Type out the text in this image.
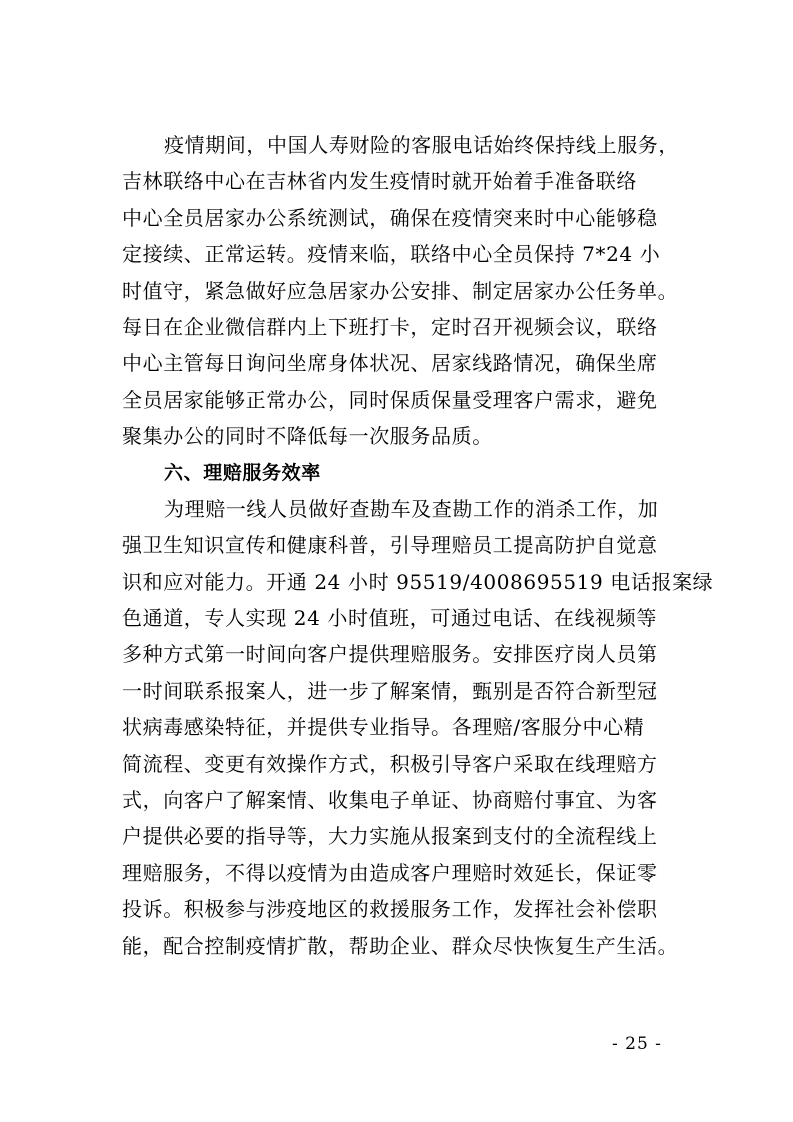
疫情期间，中国人寿财险的客服电话始终保持线上服务，
吉林联络中心在吉林省内发生疫情时就开始着手准备联络
中心全员居家办公系统测试，确保在疫情突来时中心能够稳
定接续、正常运转。疫情来临，联络中心全员保持 7*24 小
时值守，紧急做好应急居家办公安排、制定居家办公任务单。
每日在企业微信群内上下班打卡，定时召开视频会议，联络
中心主管每日询问坐席身体状况、居家线路情况，确保坐席
全员居家能够正常办公，同时保质保量受理客户需求，避免
聚集办公的同时不降低每一次服务品质。
六、理赔服务效率
为理赔一线人员做好查勘车及查勘工作的消杀工作，加
强卫生知识宣传和健康科普，引导理赔员工提高防护自觉意
识和应对能力。开通 24 小时 95519/4008695519 电话报案绿
色通道，专人实现 24 小时值班，可通过电话、在线视频等
多种方式第一时间向客户提供理赔服务。安排医疗岗人员第
一时间联系报案人，进一步了解案情，甄别是否符合新型冠
状病毒感染特征，并提供专业指导。各理赔/客服分中心精
简流程、变更有效操作方式，积极引导客户采取在线理赔方
式，向客户了解案情、收集电子单证、协商赔付事宜、为客
户提供必要的指导等，大力实施从报案到支付的全流程线上
理赔服务，不得以疫情为由造成客户理赔时效延长，保证零
投诉。积极参与涉疫地区的救援服务工作，发挥社会补偿职
能，配合控制疫情扩散，帮助企业、群众尽快恢复生产生活。
- 25 -
